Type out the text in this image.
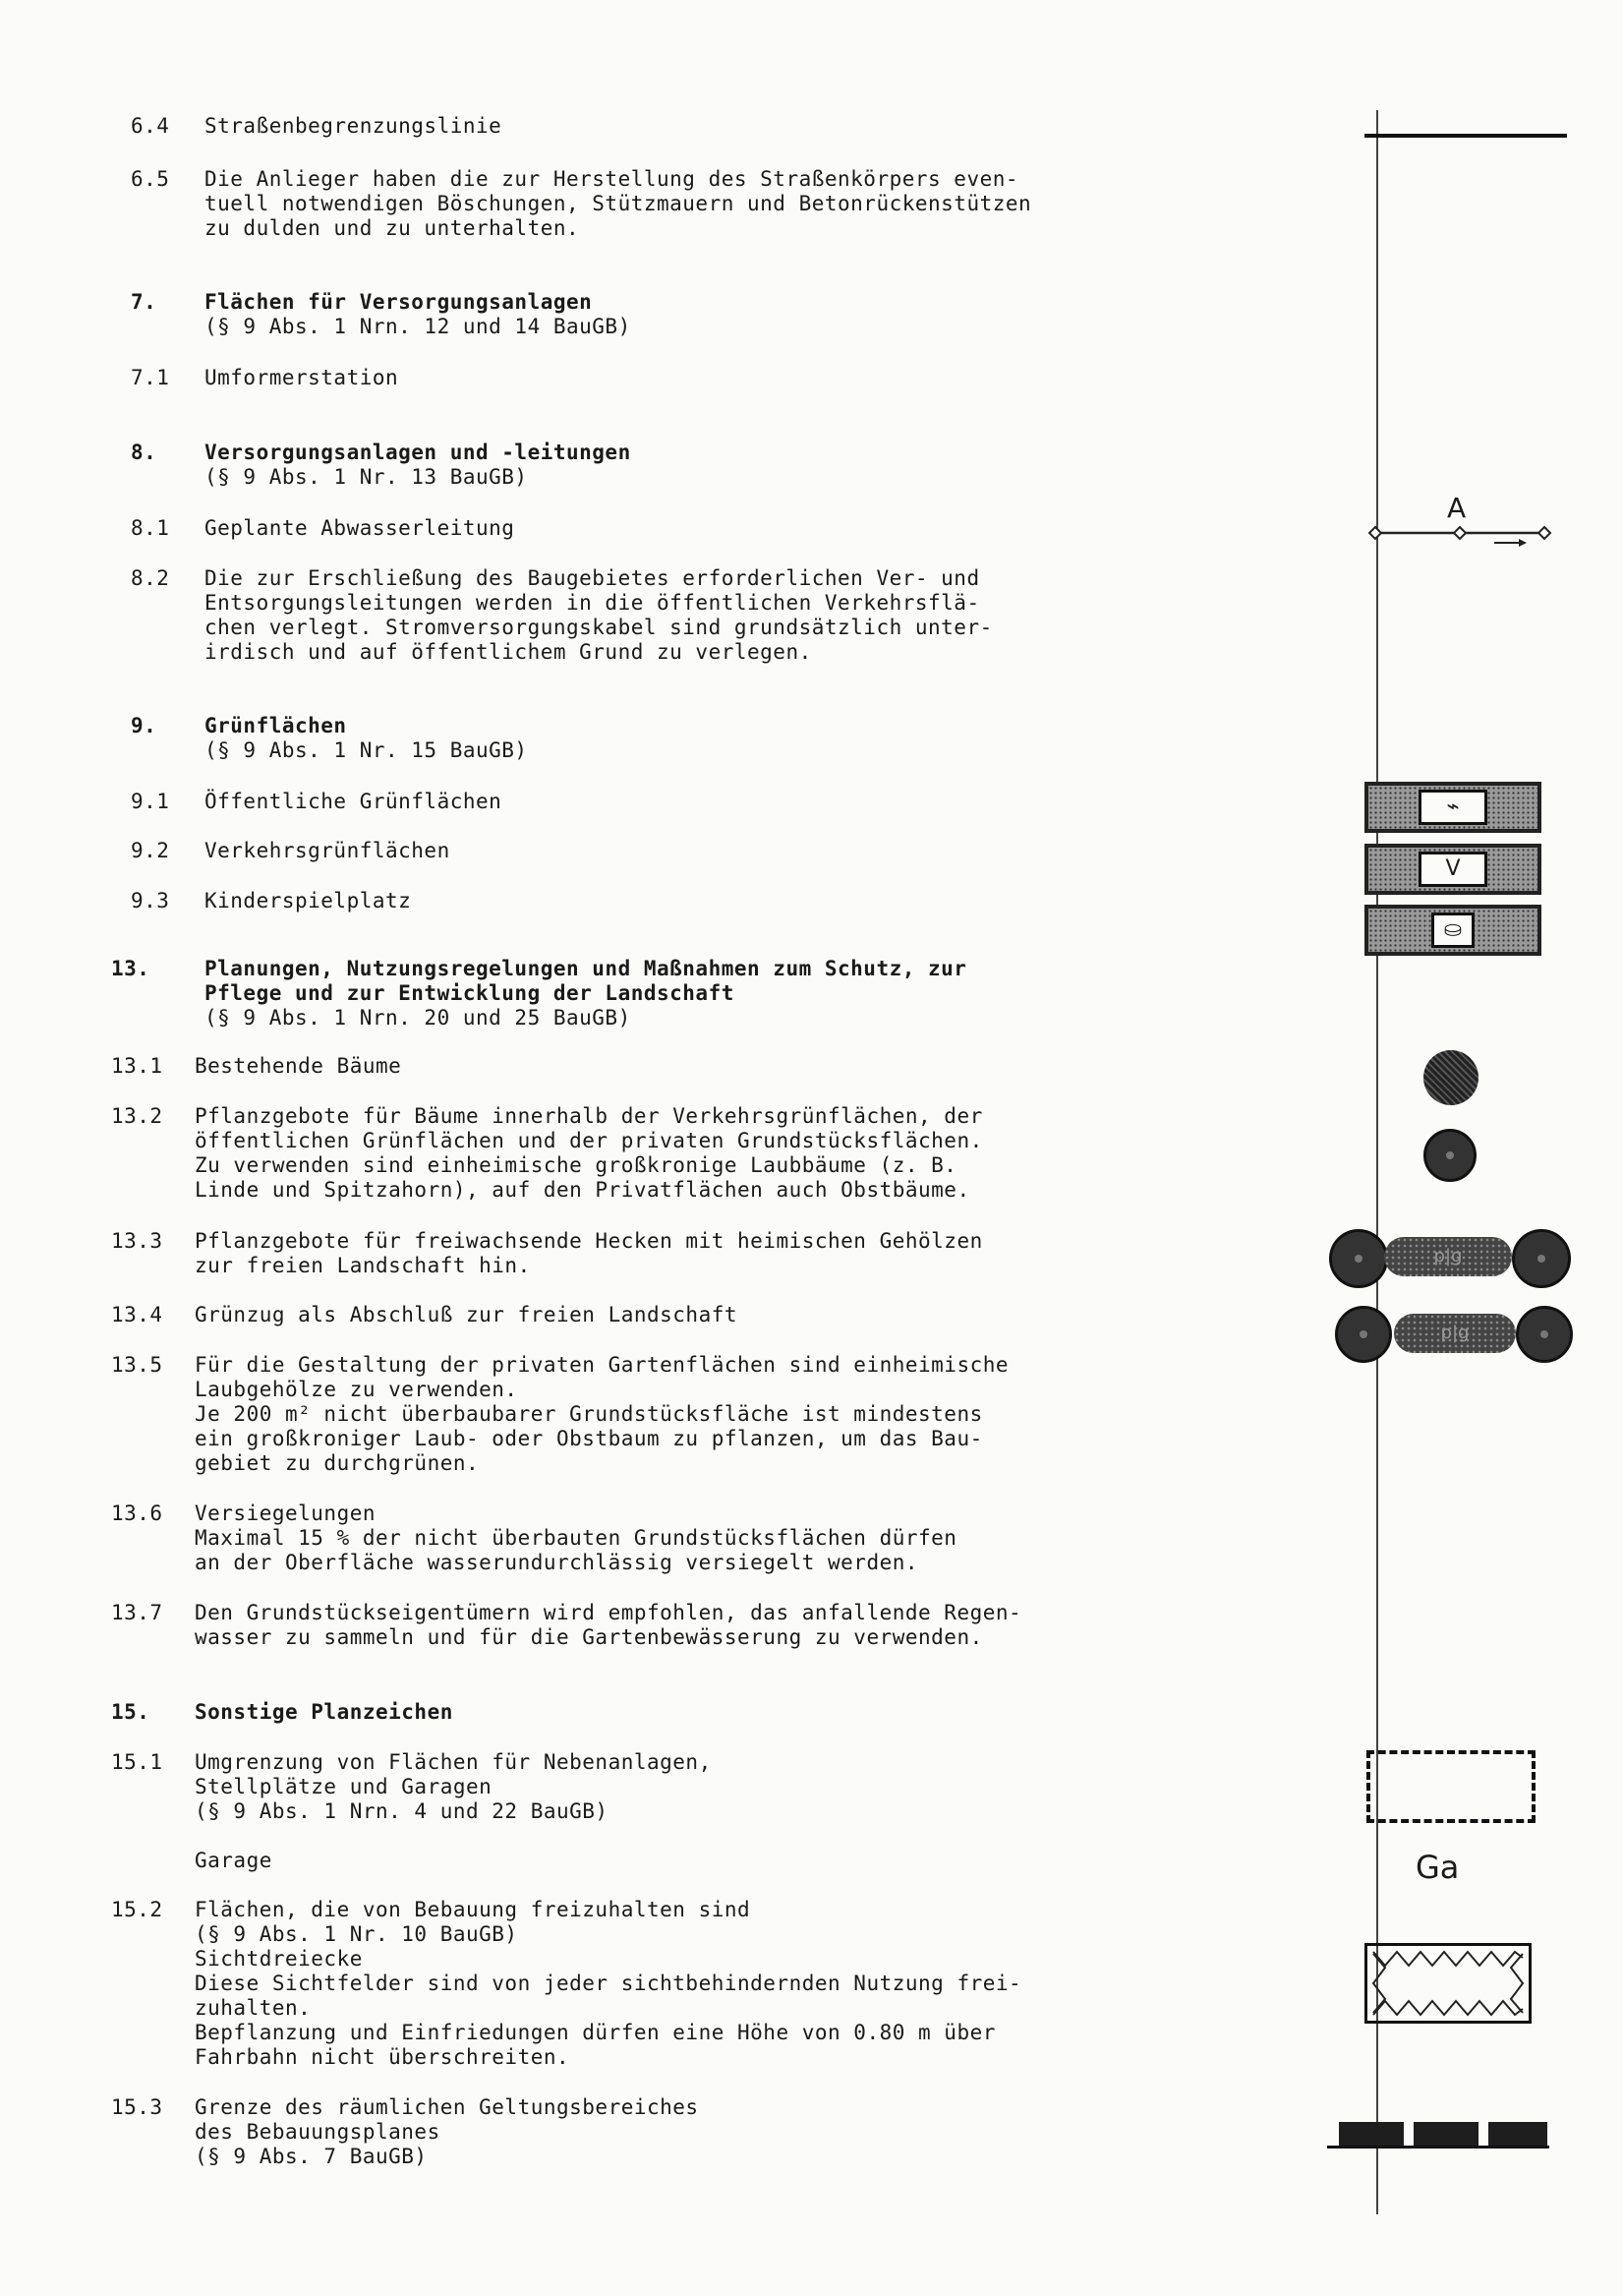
6.4	Straßenbegrenzungslinie
6.5	Die Anlieger haben die zur Herstellung des Straßenkörpers even-
tuell notwendigen Böschungen, Stützmauern und Betonrückenstützen
zu dulden und zu unterhalten.
7.	Flächen für Versorgungsanlagen
(§ 9 Abs. 1 Nrn. 12 und 14 BauGB)
7.1	Umformerstation
8.	Versorgungsanlagen und -leitungen
(§ 9 Abs. 1 Nr. 13 BauGB)
8.1	Geplante Abwasserleitung
8.2	Die zur Erschließung des Baugebietes erforderlichen Ver- und
Entsorgungsleitungen werden in die öffentlichen Verkehrsflä-
chen verlegt. Stromversorgungskabel sind grundsätzlich unter-
irdisch und auf öffentlichem Grund zu verlegen.
9.	Grünflächen
(§ 9 Abs. 1 Nr. 15 BauGB)
9.1	Öffentliche Grünflächen
9.2	Verkehrsgrünflächen
9.3	Kinderspielplatz
13.	Planungen, Nutzungsregelungen und Maßnahmen zum Schutz, zur
Pflege und zur Entwicklung der Landschaft
(§ 9 Abs. 1 Nrn. 20 und 25 BauGB)
13.1	Bestehende Bäume
13.2	Pflanzgebote für Bäume innerhalb der Verkehrsgrünflächen, der
öffentlichen Grünflächen und der privaten Grundstücksflächen.
Zu verwenden sind einheimische großkronige Laubbäume (z. B.
Linde und Spitzahorn), auf den Privatflächen auch Obstbäume.
13.3	Pflanzgebote für freiwachsende Hecken mit heimischen Gehölzen
zur freien Landschaft hin.
13.4	Grünzug als Abschluß zur freien Landschaft
13.5	Für die Gestaltung der privaten Gartenflächen sind einheimische
Laubgehölze zu verwenden.
Je 200 m² nicht überbaubarer Grundstücksfläche ist mindestens
ein großkroniger Laub- oder Obstbaum zu pflanzen, um das Bau-
gebiet zu durchgrünen.
13.6	Versiegelungen
Maximal 15 % der nicht überbauten Grundstücksflächen dürfen
an der Oberfläche wasserundurchlässig versiegelt werden.
13.7	Den Grundstückseigentümern wird empfohlen, das anfallende Regen-
wasser zu sammeln und für die Gartenbewässerung zu verwenden.
15.	Sonstige Planzeichen
15.1	Umgrenzung von Flächen für Nebenanlagen,
Stellplätze und Garagen
(§ 9 Abs. 1 Nrn. 4 und 22 BauGB)

Garage
15.2	Flächen, die von Bebauung freizuhalten sind
(§ 9 Abs. 1 Nr. 10 BauGB)
Sichtdreiecke
Diese Sichtfelder sind von jeder sichtbehindernden Nutzung frei-
zuhalten.
Bepflanzung und Einfriedungen dürfen eine Höhe von 0.80 m über
Fahrbahn nicht überschreiten.
15.3	Grenze des räumlichen Geltungsbereiches
des Bebauungsplanes
(§ 9 Abs. 7 BauGB)
A
⌁
V
⛀
p|g
p|g
Ga
